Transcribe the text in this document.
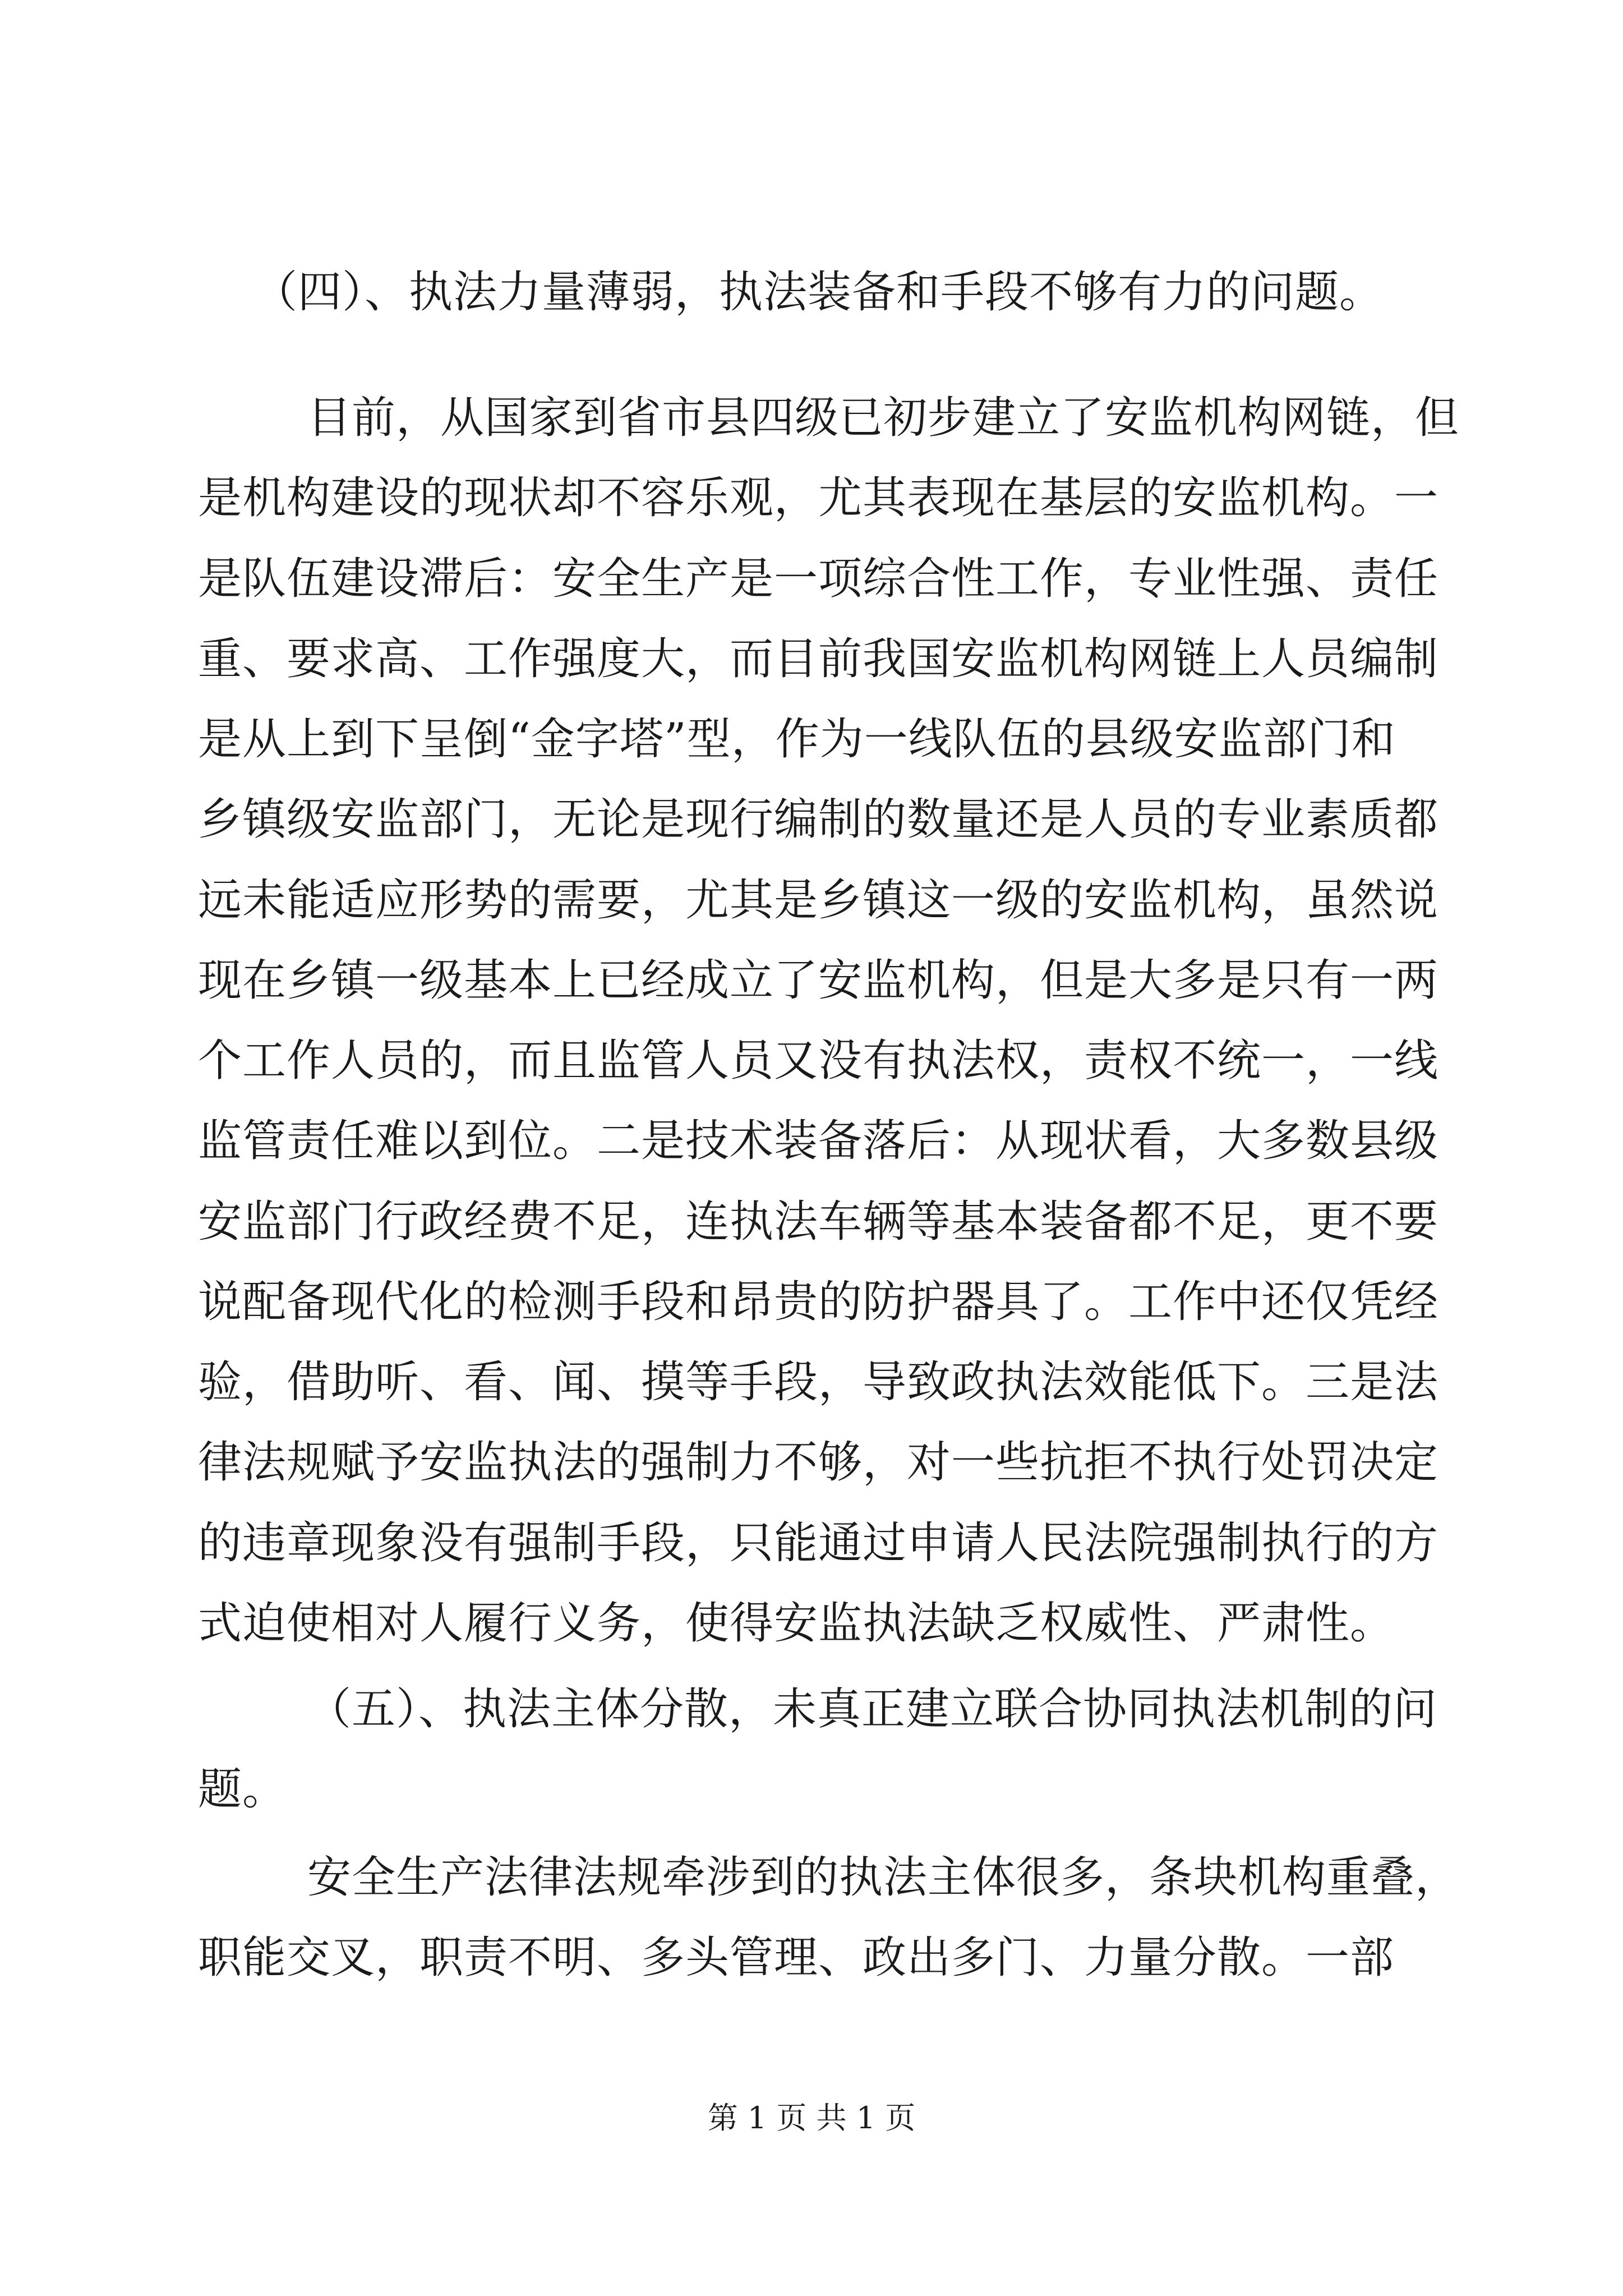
（四）、执法力量薄弱，执法装备和手段不够有力的问题。
目前，从国家到省市县四级已初步建立了安监机构网链，但
是机构建设的现状却不容乐观，尤其表现在基层的安监机构。一
是队伍建设滞后：安全生产是一项综合性工作，专业性强、责任
重、要求高、工作强度大，而目前我国安监机构网链上人员编制
是从上到下呈倒“金字塔”型，作为一线队伍的县级安监部门和
乡镇级安监部门，无论是现行编制的数量还是人员的专业素质都
远未能适应形势的需要，尤其是乡镇这一级的安监机构，虽然说
现在乡镇一级基本上已经成立了安监机构，但是大多是只有一两
个工作人员的，而且监管人员又没有执法权，责权不统一，一线
监管责任难以到位。二是技术装备落后：从现状看，大多数县级
安监部门行政经费不足，连执法车辆等基本装备都不足，更不要
说配备现代化的检测手段和昂贵的防护器具了。工作中还仅凭经
验，借助听、看、闻、摸等手段，导致政执法效能低下。三是法
律法规赋予安监执法的强制力不够，对一些抗拒不执行处罚决定
的违章现象没有强制手段，只能通过申请人民法院强制执行的方
式迫使相对人履行义务，使得安监执法缺乏权威性、严肃性。
（五）、执法主体分散，未真正建立联合协同执法机制的问
题。
安全生产法律法规牵涉到的执法主体很多，条块机构重叠，
职能交叉，职责不明、多头管理、政出多门、力量分散。一部
第 1 页 共 1 页
